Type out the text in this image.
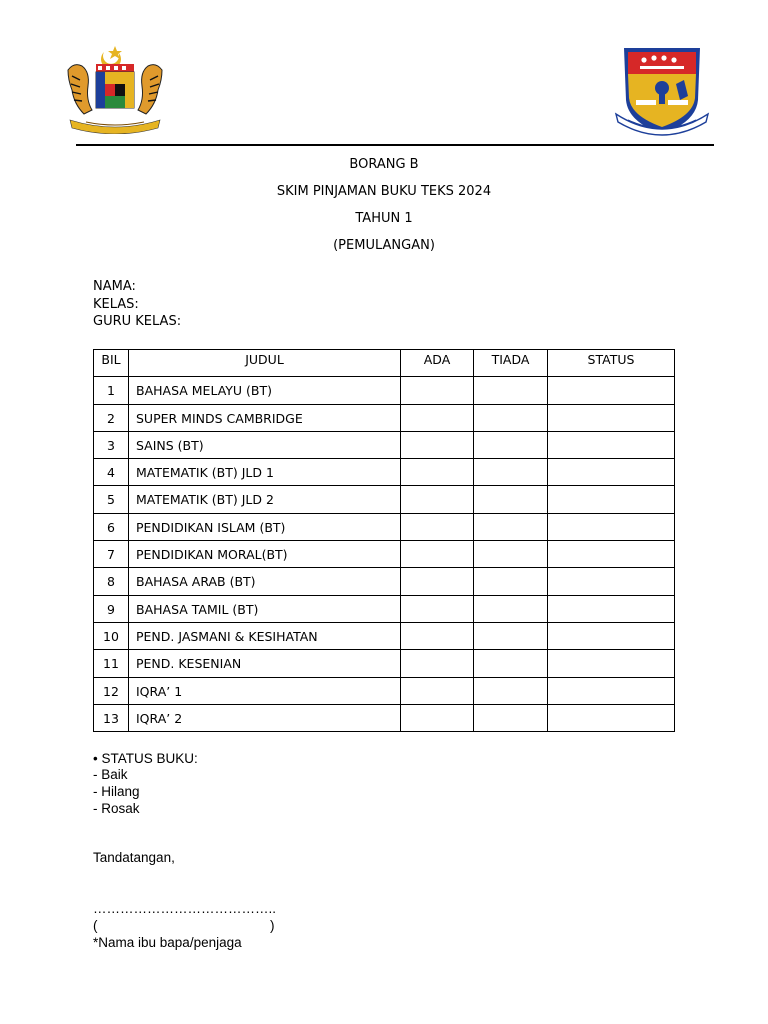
BORANG B
SKIM PINJAMAN BUKU TEKS 2024
TAHUN 1
(PEMULANGAN)
NAMA:
KELAS:
GURU KELAS:
BIL	JUDUL	ADA	TIADA	STATUS
1	BAHASA MELAYU (BT)			
2	SUPER MINDS CAMBRIDGE			
3	SAINS (BT)			
4	MATEMATIK (BT) JLD 1			
5	MATEMATIK (BT) JLD 2			
6	PENDIDIKAN ISLAM (BT)			
7	PENDIDIKAN MORAL(BT)			
8	BAHASA ARAB (BT)			
9	BAHASA TAMIL (BT)			
10	PEND. JASMANI & KESIHATAN			
11	PEND. KESENIAN			
12	IQRA’ 1			
13	IQRA’ 2			
• STATUS BUKU:
- Baik
- Hilang
- Rosak
Tandatangan,
…………………………………..
(                                              )
*Nama ibu bapa/penjaga
